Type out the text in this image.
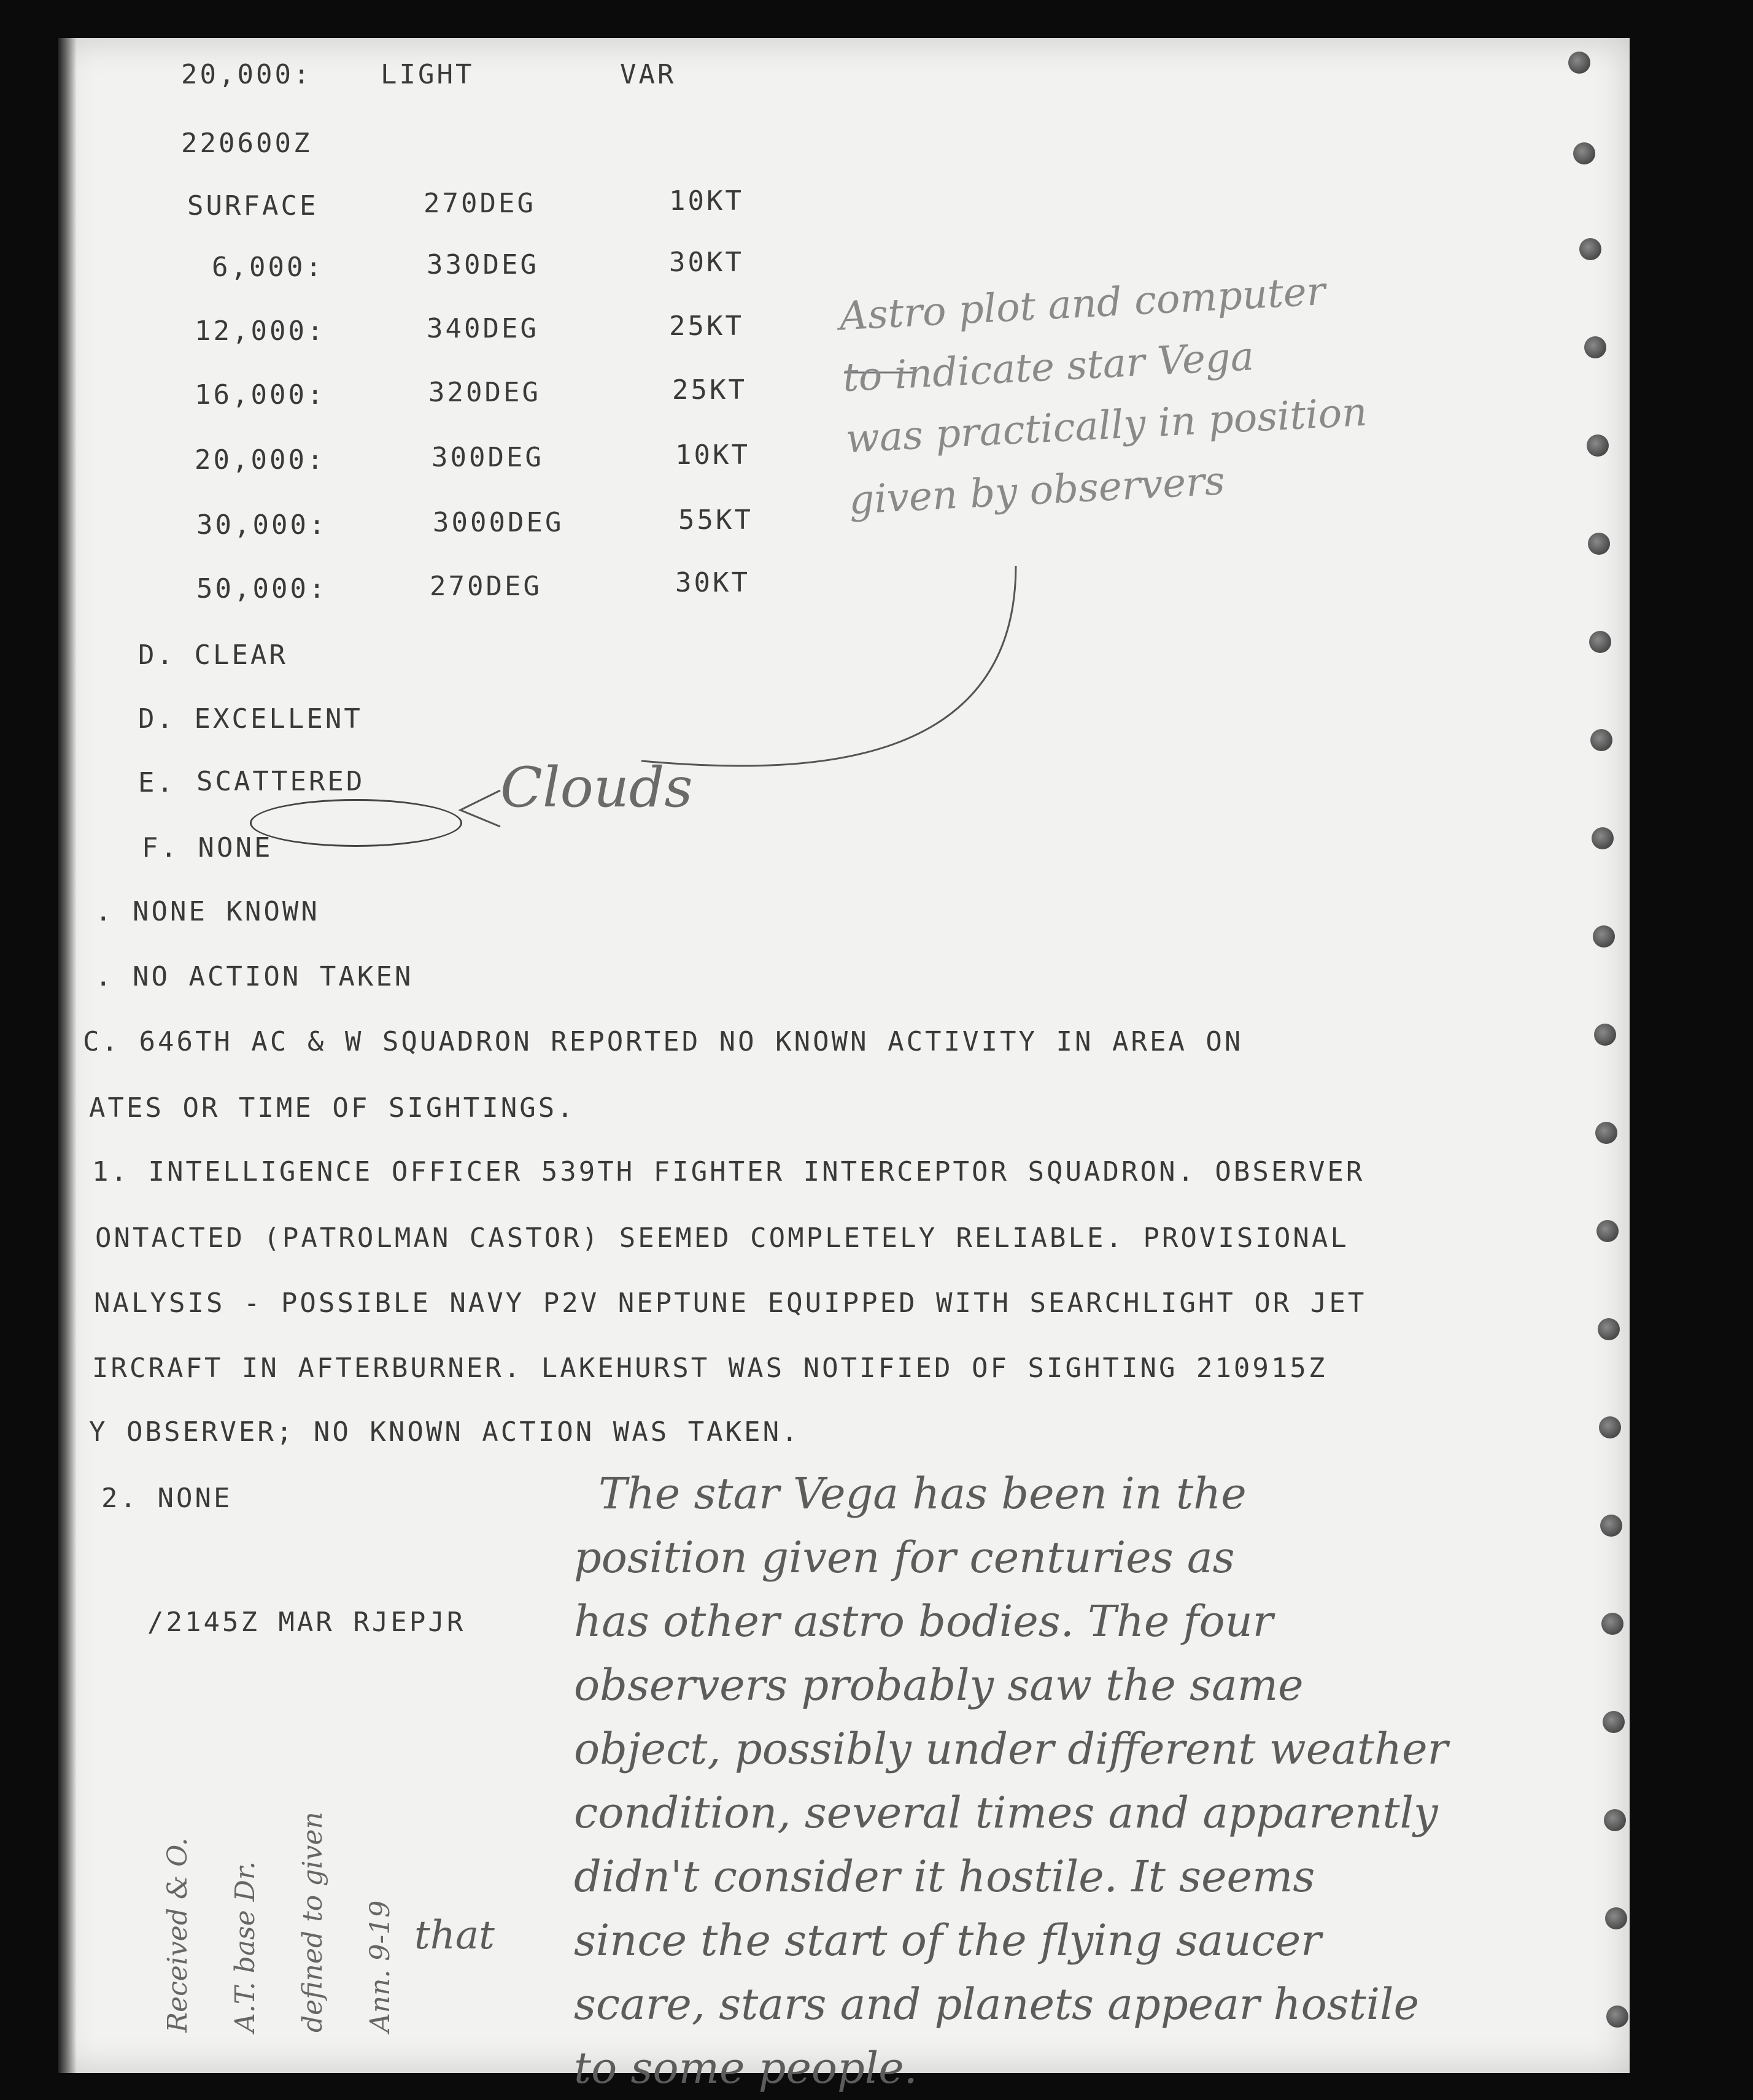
20,000:	LIGHT	VAR
220600Z
SURFACE	270DEG	10KT
6,000:	330DEG	30KT
12,000:	340DEG	25KT
16,000:	320DEG	25KT
20,000:	300DEG	10KT
30,000:	3000DEG	55KT
50,000:	270DEG	30KT
D. CLEAR
D. EXCELLENT
E. SCATTERED
F. NONE
. NONE KNOWN
. NO ACTION TAKEN
C. 646TH AC & W SQUADRON REPORTED NO KNOWN ACTIVITY IN AREA ON
ATES OR TIME OF SIGHTINGS.
1. INTELLIGENCE OFFICER 539TH FIGHTER INTERCEPTOR SQUADRON. OBSERVER
ONTACTED (PATROLMAN CASTOR) SEEMED COMPLETELY RELIABLE. PROVISIONAL
NALYSIS - POSSIBLE NAVY P2V NEPTUNE EQUIPPED WITH SEARCHLIGHT OR JET
IRCRAFT IN AFTERBURNER. LAKEHURST WAS NOTIFIED OF SIGHTING 210915Z
Y OBSERVER; NO KNOWN ACTION WAS TAKEN.
2. NONE
/2145Z MAR RJEPJR
Clouds
Astro plot and computer
to indicate star Vega
was practically in position
given by observers
The star Vega has been in the
position given for centuries as
has other astro bodies. The four
observers probably saw the same
object, possibly under different weather
condition, several times and apparently
didn't consider it hostile. It seems
since the start of the flying saucer
scare, stars and planets appear hostile
to some people.
that
Received & O.	A.T. base Dr.	defined to given	Ann. 9-19
